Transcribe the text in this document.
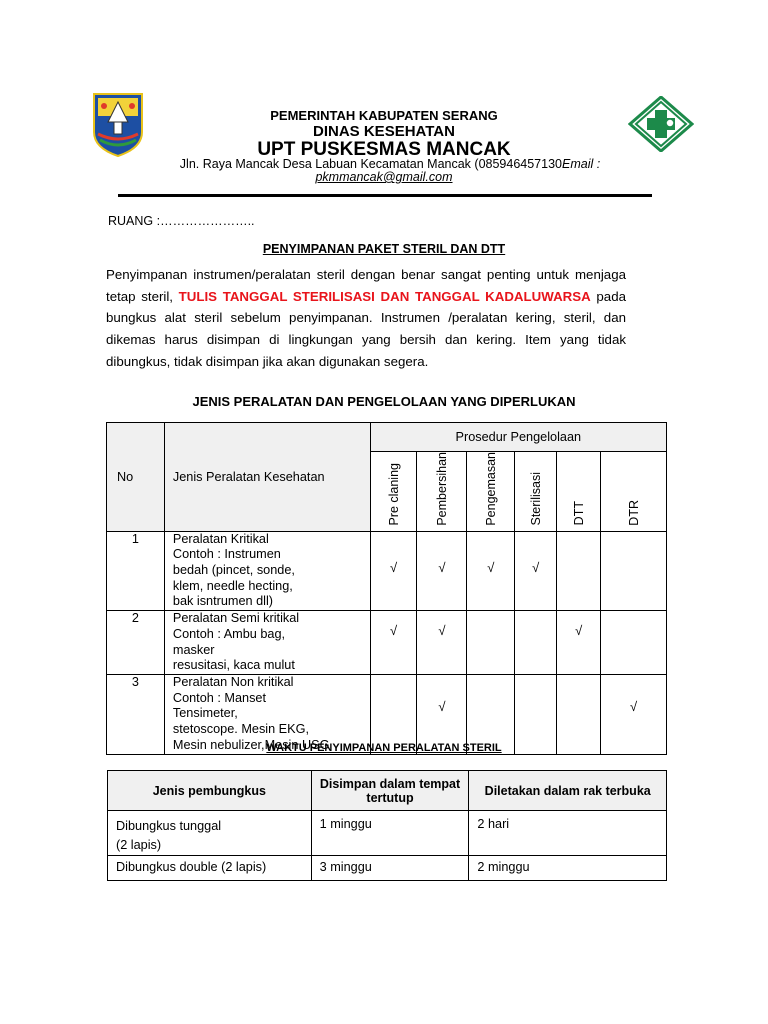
PEMERINTAH KABUPATEN SERANG
DINAS KESEHATAN
UPT PUSKESMAS MANCAK
Jln. Raya Mancak Desa Labuan Kecamatan Mancak (085946457130Email :
pkmmancak@gmail.com
RUANG :…………………..
PENYIMPANAN PAKET STERIL DAN DTT
Penyimpanan instrumen/peralatan steril dengan benar sangat penting untuk menjaga tetap steril, TULIS TANGGAL STERILISASI DAN TANGGAL KADALUWARSA pada bungkus alat steril sebelum penyimpanan. Instrumen /peralatan kering, steril, dan dikemas harus disimpan di lingkungan yang bersih dan kering. Item yang tidak dibungkus, tidak disimpan jika akan digunakan segera.
JENIS PERALATAN DAN PENGELOLAAN YANG DIPERLUKAN
No	Jenis Peralatan Kesehatan	Prosedur Pengelolaan					
		Pre claning	Pembersihan	Pengemasan	Sterilisasi	DTT	DTR
1	Peralatan Kritikal
Contoh : Instrumen
bedah (pincet, sonde,
klem, needle hecting,
bak isntrumen dll)	√	√	√	√		
2	Peralatan Semi kritikal
Contoh : Ambu bag,
masker
resusitasi, kaca mulut	√	√			√	
3	Peralatan Non kritikal
Contoh : Manset
Tensimeter,
stetoscope. Mesin EKG,
Mesin nebulizer,Mesin USG		√				√
WAKTU PENYIMPANAN PERALATAN STERIL
Jenis pembungkus	Disimpan dalam tempat tertutup	Diletakan dalam rak terbuka
Dibungkus tunggal
(2 lapis)	1 minggu	2 hari
Dibungkus double (2 lapis)	3 minggu	2 minggu
